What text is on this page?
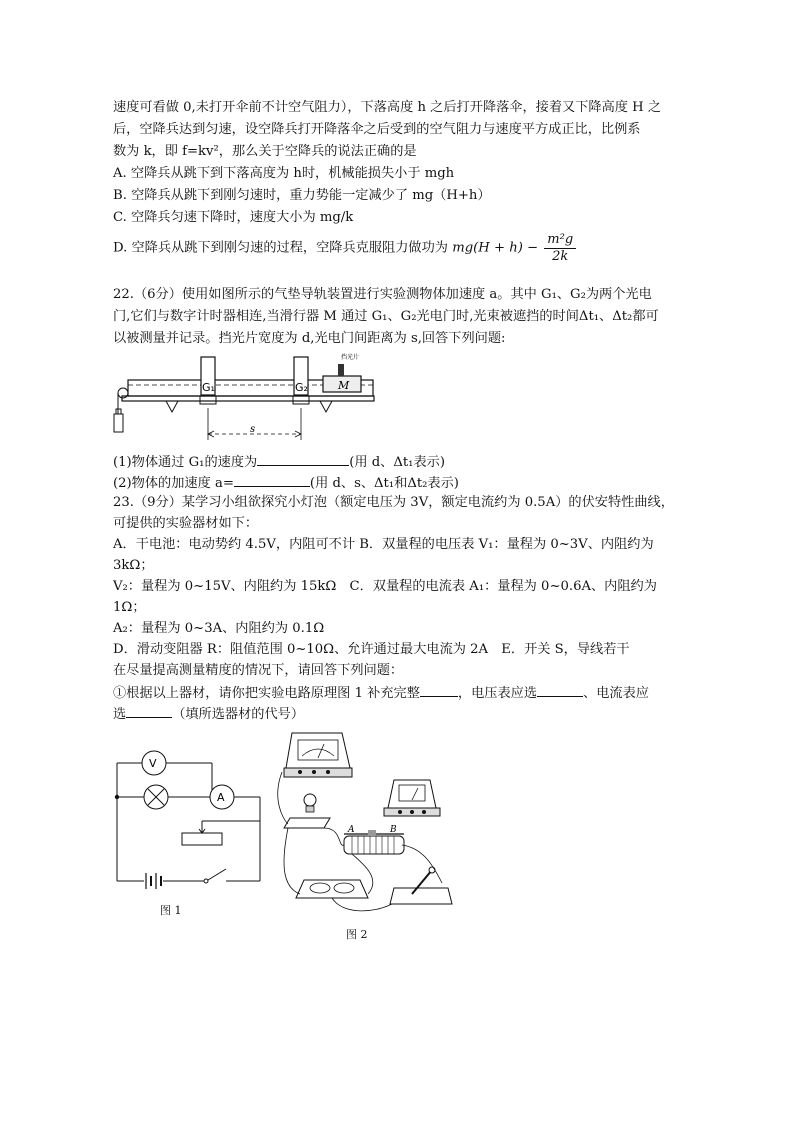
速度可看做 0,未打开伞前不计空气阻力），下落高度 h 之后打开降落伞，接着又下降高度 H 之
后，空降兵达到匀速，设空降兵打开降落伞之后受到的空气阻力与速度平方成正比，比例系
数为 k，即 f=kv²，那么关于空降兵的说法正确的是
A. 空降兵从跳下到下落高度为 h时，机械能损失小于 mgh
B. 空降兵从跳下到刚匀速时，重力势能一定减少了 mg（H+h）
C. 空降兵匀速下降时，速度大小为 mg/k
D. 空降兵从跳下到刚匀速的过程，空降兵克服阻力做功为 $mg(H + h) - \frac{\text{m²g}}{2k}$
22.（6分）使用如图所示的气垫导轨装置进行实验测物体加速度 a。其中 G₁、G₂为两个光电
门,它们与数字计时器相连,当滑行器 M 通过 G₁、G₂光电门时,光束被遮挡的时间Δt₁、Δt₂都可
以被测量并记录。挡光片宽度为 d,光电门间距离为 s,回答下列问题:
G₁	G₂	M
挡光片
s
(1)物体通过 G₁的速度为	(用 d、Δt₁表示)
(2)物体的加速度 a=	(用 d、s、Δt₁和Δt₂表示)
23.（9分）某学习小组欲探究小灯泡（额定电压为 3V，额定电流约为 0.5A）的伏安特性曲线，
可提供的实验器材如下：
A．干电池：电动势约 4.5V，内阻可不计 B．双量程的电压表 V₁：量程为 0~3V、内阻约为
3kΩ；
V₂：量程为 0~15V、内阻约为 15kΩ　C．双量程的电流表 A₁：量程为 0~0.6A、内阻约为
1Ω；
A₂：量程为 0~3A、内阻约为 0.1Ω
D．滑动变阻器 R：阻值范围 0~10Ω、允许通过最大电流为 2A　E．开关 S，导线若干
在尽量提高测量精度的情况下，请回答下列问题：
①根据以上器材，请你把实验电路原理图 1 补充完整	，电压表应选	、电流表应
选	（填所选器材的代号）
V
A
图 1
A	B
图 2
